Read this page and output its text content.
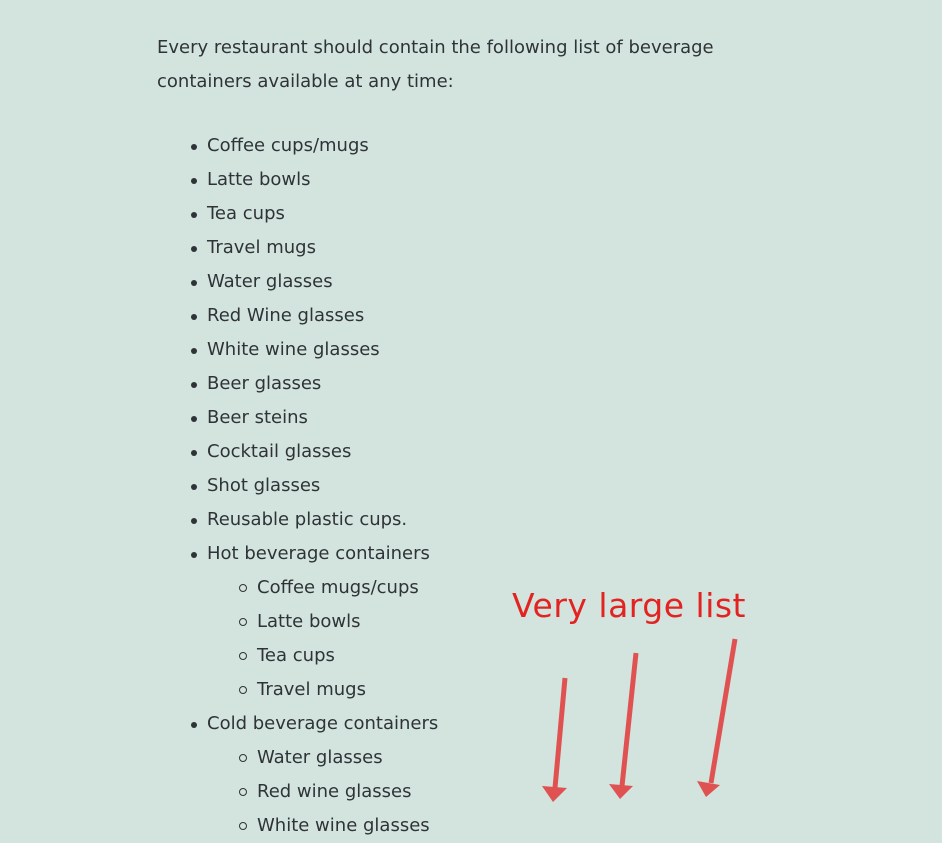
Every restaurant should contain the following list of beverage containers available at any time:

Coffee cups/mugs
Latte bowls
Tea cups
Travel mugs
Water glasses
Red Wine glasses
White wine glasses
Beer glasses
Beer steins
Cocktail glasses
Shot glasses
Reusable plastic cups.
Hot beverage containers
Coffee mugs/cups
Latte bowls
Tea cups
Travel mugs
Cold beverage containers
Water glasses
Red wine glasses
White wine glasses
Very large list
